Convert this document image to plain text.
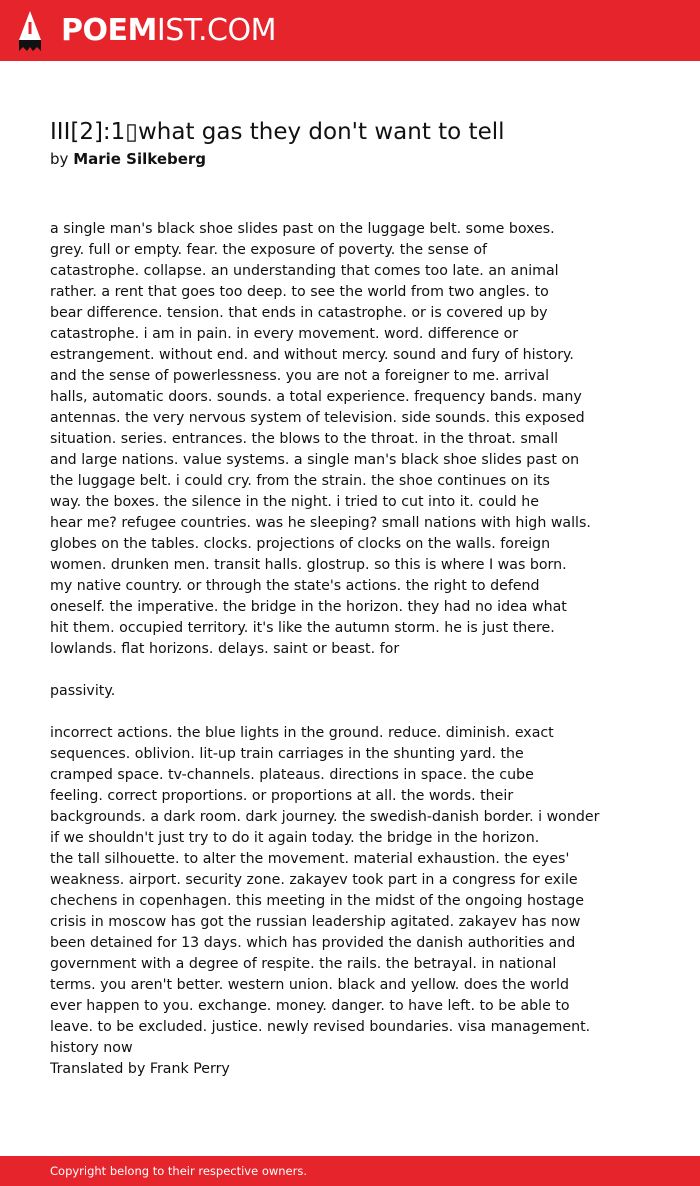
POEMIST.COM
III[2]:1▯what gas they don't want to tell
by Marie Silkeberg

a single man's black shoe slides past on the luggage belt. some boxes.
grey. full or empty. fear. the exposure of poverty. the sense of
catastrophe. collapse. an understanding that comes too late. an animal
rather. a rent that goes too deep. to see the world from two angles. to
bear difference. tension. that ends in catastrophe. or is covered up by
catastrophe. i am in pain. in every movement. word. difference or
estrangement. without end. and without mercy. sound and fury of history.
and the sense of powerlessness. you are not a foreigner to me. arrival
halls, automatic doors. sounds. a total experience. frequency bands. many
antennas. the very nervous system of television. side sounds. this exposed
situation. series. entrances. the blows to the throat. in the throat. small
and large nations. value systems. a single man's black shoe slides past on
the luggage belt. i could cry. from the strain. the shoe continues on its
way. the boxes. the silence in the night. i tried to cut into it. could he
hear me? refugee countries. was he sleeping? small nations with high walls.
globes on the tables. clocks. projections of clocks on the walls. foreign
women. drunken men. transit halls. glostrup. so this is where I was born.
my native country. or through the state's actions. the right to defend
oneself. the imperative. the bridge in the horizon. they had no idea what
hit them. occupied territory. it's like the autumn storm. he is just there.
lowlands. flat horizons. delays. saint or beast. for

passivity.

incorrect actions. the blue lights in the ground. reduce. diminish. exact
sequences. oblivion. lit-up train carriages in the shunting yard. the
cramped space. tv-channels. plateaus. directions in space. the cube
feeling. correct proportions. or proportions at all. the words. their
backgrounds. a dark room. dark journey. the swedish-danish border. i wonder
if we shouldn't just try to do it again today. the bridge in the horizon.
the tall silhouette. to alter the movement. material exhaustion. the eyes'
weakness. airport. security zone. zakayev took part in a congress for exile
chechens in copenhagen. this meeting in the midst of the ongoing hostage
crisis in moscow has got the russian leadership agitated. zakayev has now
been detained for 13 days. which has provided the danish authorities and
government with a degree of respite. the rails. the betrayal. in national
terms. you aren't better. western union. black and yellow. does the world
ever happen to you. exchange. money. danger. to have left. to be able to
leave. to be excluded. justice. newly revised boundaries. visa management.
history now

Translated by Frank Perry
Copyright belong to their respective owners.
